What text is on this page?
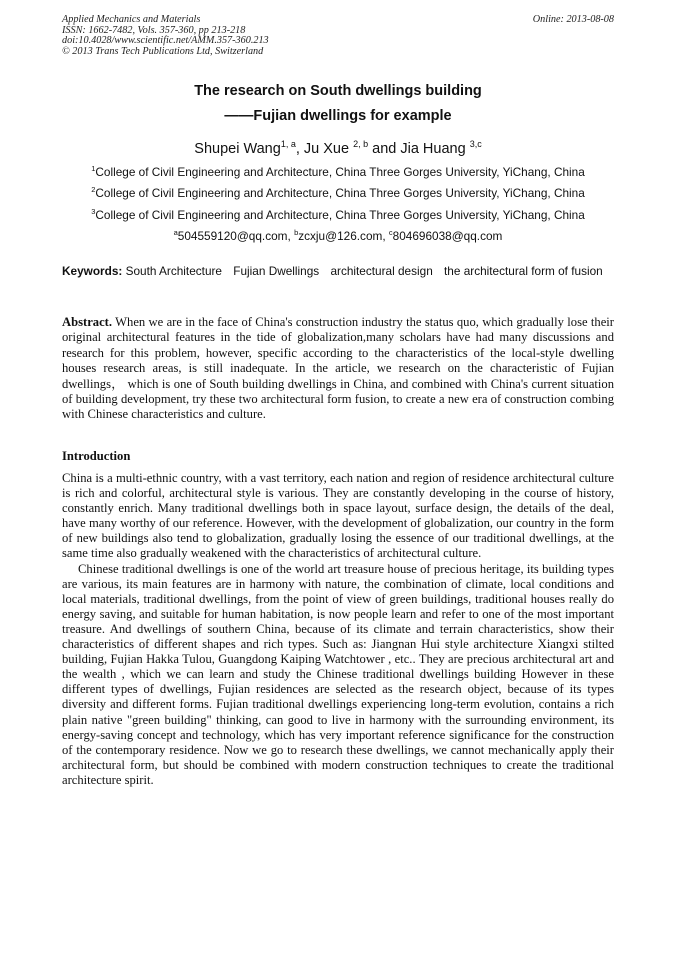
Applied Mechanics and Materials
ISSN: 1662-7482, Vols. 357-360, pp 213-218
doi:10.4028/www.scientific.net/AMM.357-360.213
© 2013 Trans Tech Publications Ltd, Switzerland
Online: 2013-08-08
The research on South dwellings building
——Fujian dwellings for example
Shupei Wang$^{1, a}$, Ju Xue $^{2, b}$ and Jia Huang $^{3,c}$
$^1$College of Civil Engineering and Architecture, China Three Gorges University, YiChang, China
$^2$College of Civil Engineering and Architecture, China Three Gorges University, YiChang, China
$^3$College of Civil Engineering and Architecture, China Three Gorges University, YiChang, China
$^a$504559120@qq.com, $^b$zcxju@126.com, $^c$804696038@qq.com
Keywords: South Architecture Fujian Dwellings architectural design the architectural form of fusion
Abstract. When we are in the face of China's construction industry the status quo, which gradually lose their original architectural features in the tide of globalization,many scholars have had many discussions and research for this problem, however, specific according to the characteristics of the local-style dwelling houses research areas, is still inadequate. In the article, we research on the characteristic of Fujian dwellings， which is one of South building dwellings in China, and combined with China's current situation of building development, try these two architectural form fusion, to create a new era of construction combing with Chinese characteristics and culture.
Introduction

China is a multi-ethnic country, with a vast territory, each nation and region of residence architectural culture is rich and colorful, architectural style is various. They are constantly developing in the course of history, constantly enrich. Many traditional dwellings both in space layout, surface design, the details of the deal, have many worthy of our reference. However, with the development of globalization, our country in the form of new buildings also tend to globalization, gradually losing the essence of our traditional dwellings, at the same time also gradually weakened with the characteristics of architectural culture.

Chinese traditional dwellings is one of the world art treasure house of precious heritage, its building types are various, its main features are in harmony with nature, the combination of climate, local conditions and local materials, traditional dwellings, from the point of view of green buildings, traditional houses really do energy saving, and suitable for human habitation, is now people learn and refer to one of the most important treasure. And dwellings of southern China, because of its climate and terrain characteristics, show their characteristics of different shapes and rich types. Such as: Jiangnan Hui style architecture Xiangxi stilted building, Fujian Hakka Tulou, Guangdong Kaiping Watchtower , etc.. They are precious architectural art and the wealth , which we can learn and study the Chinese traditional dwellings building However in these different types of dwellings, Fujian residences are selected as the research object, because of its types diversity and different forms. Fujian traditional dwellings experiencing long-term evolution, contains a rich plain native "green building" thinking, can good to live in harmony with the surrounding environment, its energy-saving concept and technology, which has very important reference significance for the construction of the contemporary residence. Now we go to research these dwellings, we cannot mechanically apply their architectural form, but should be combined with modern construction techniques to create the traditional architecture spirit.
